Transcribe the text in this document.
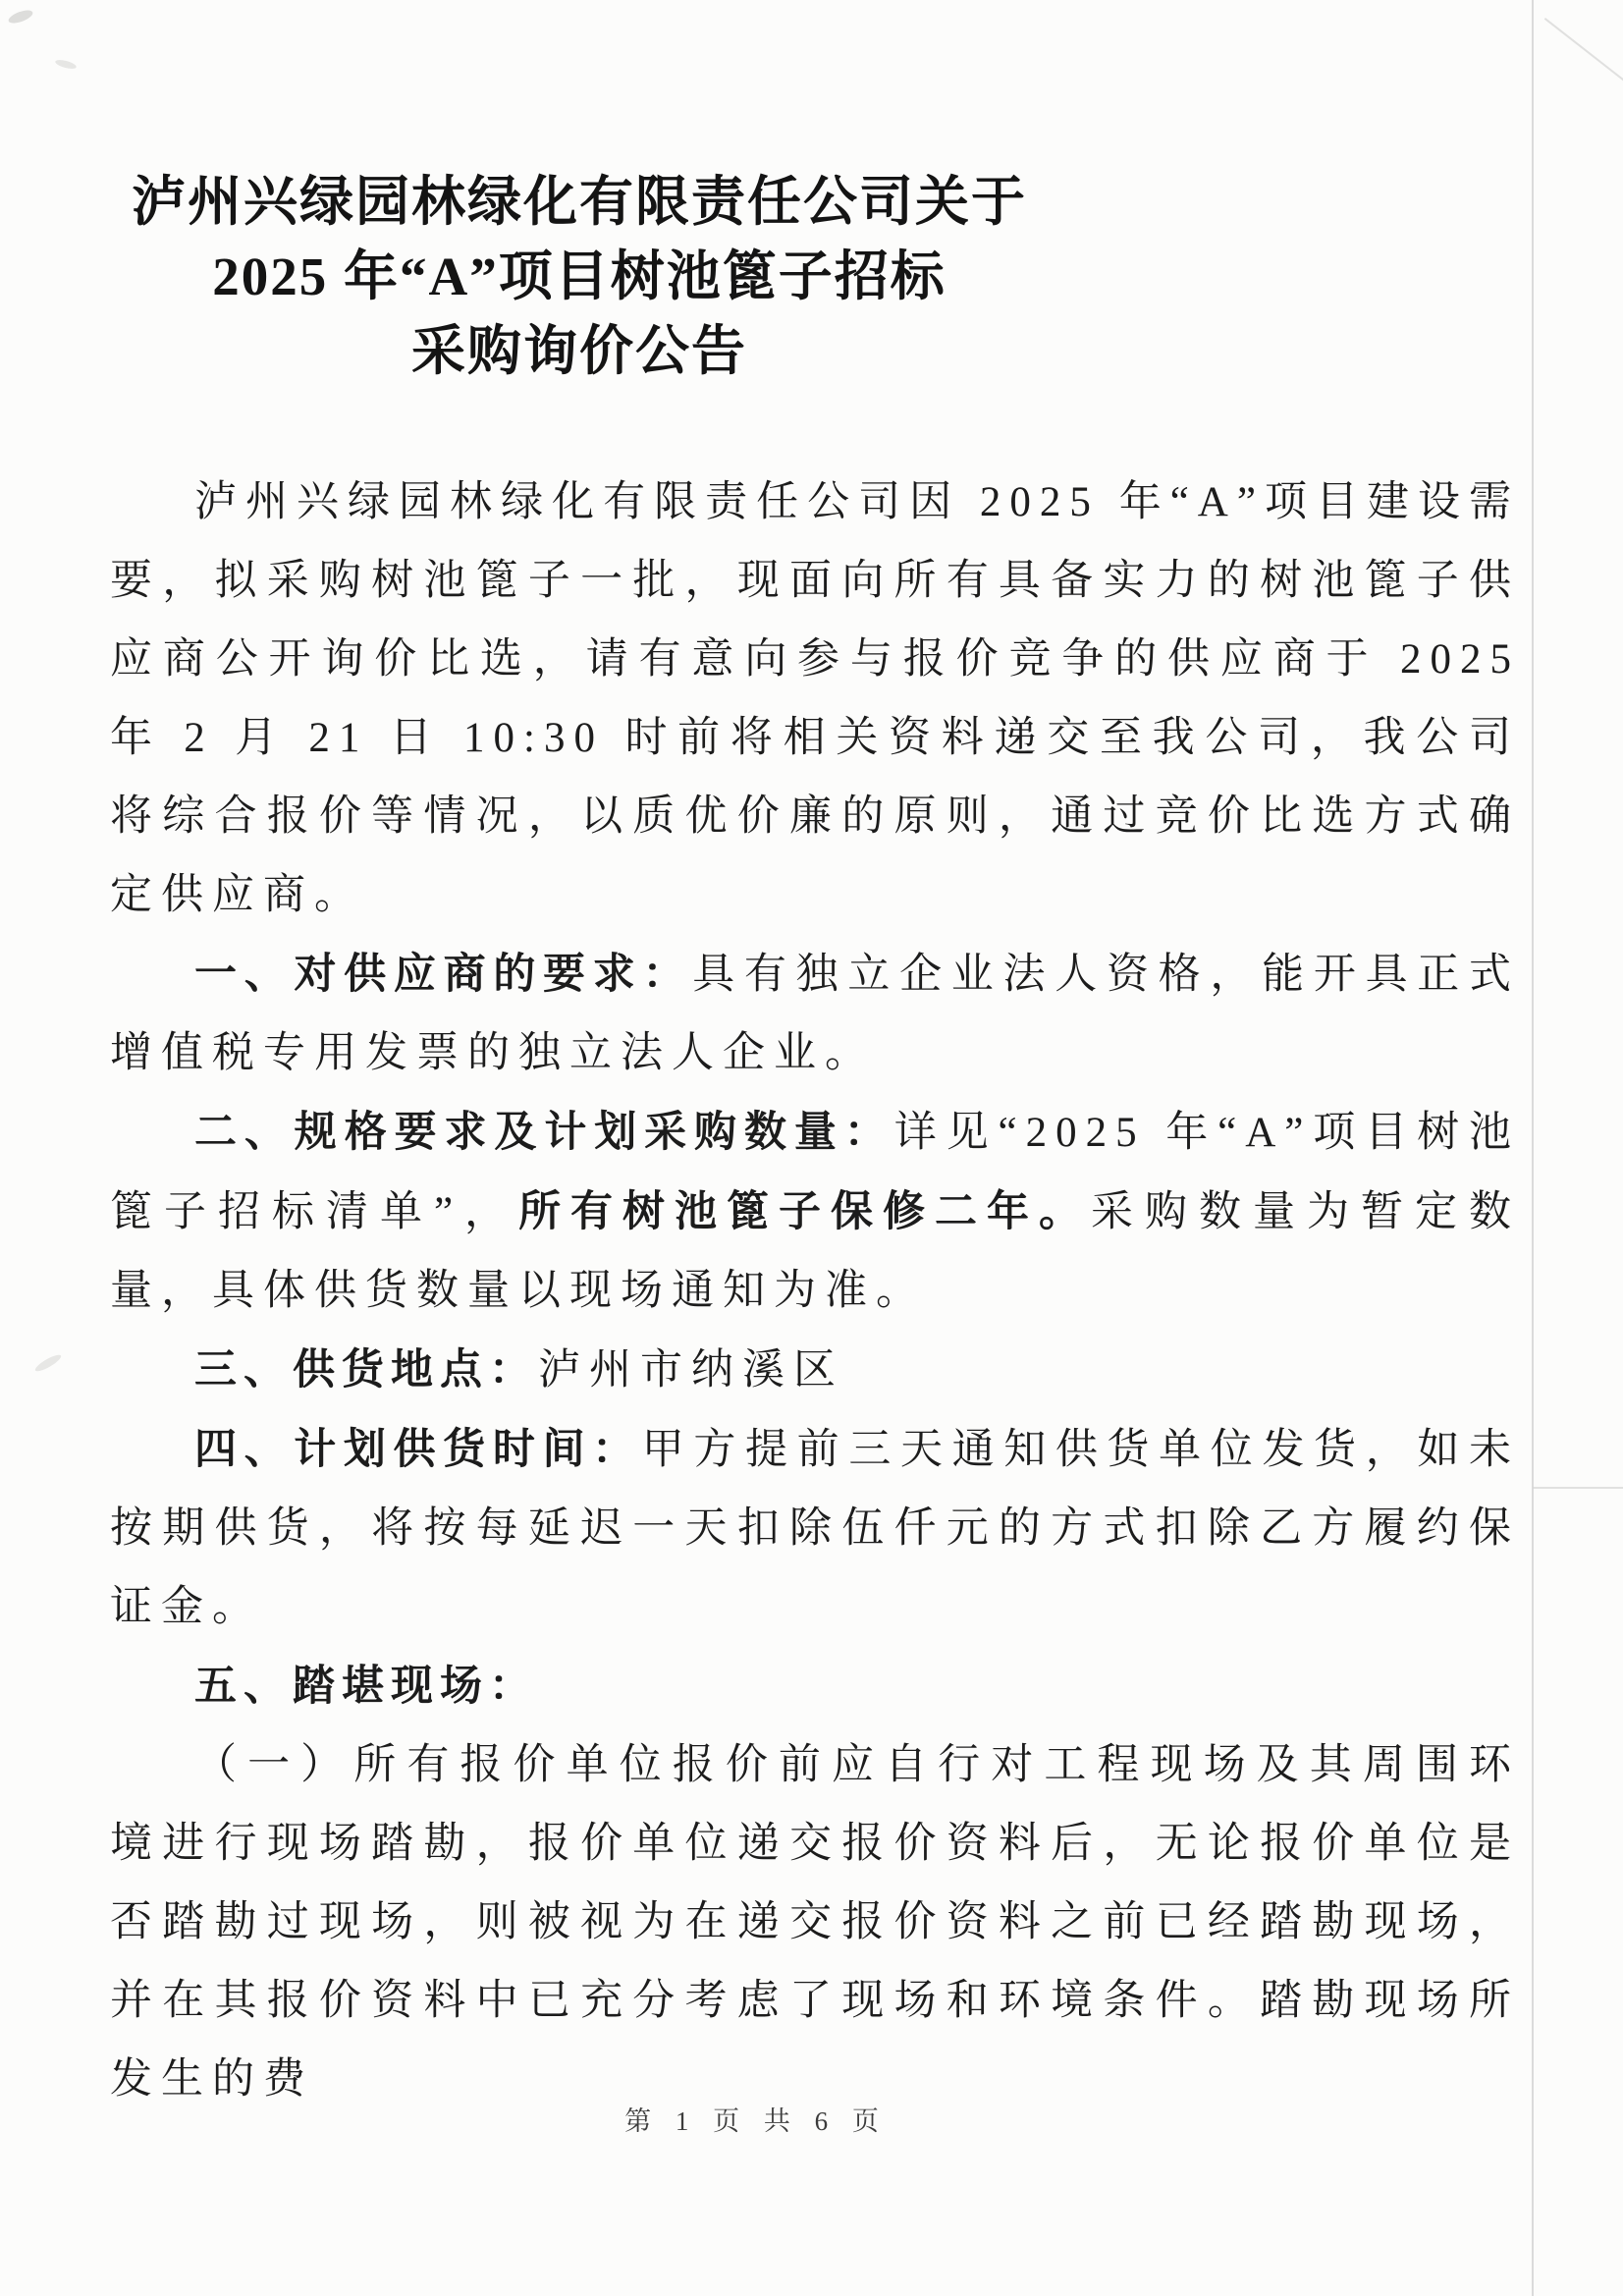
泸州兴绿园林绿化有限责任公司关于
2025 年“A”项目树池篦子招标
采购询价公告

泸州兴绿园林绿化有限责任公司因 2025 年“A”项目建设需要，拟采购树池篦子一批，现面向所有具备实力的树池篦子供应商公开询价比选，请有意向参与报价竞争的供应商于 2025 年 2 月 21 日 10:30 时前将相关资料递交至我公司，我公司将综合报价等情况，以质优价廉的原则，通过竞价比选方式确定供应商。

一、对供应商的要求：具有独立企业法人资格，能开具正式增值税专用发票的独立法人企业。

二、规格要求及计划采购数量：详见“2025 年“A”项目树池篦子招标清单”，所有树池篦子保修二年。采购数量为暂定数量，具体供货数量以现场通知为准。

三、供货地点：泸州市纳溪区

四、计划供货时间：甲方提前三天通知供货单位发货，如未按期供货，将按每延迟一天扣除伍仟元的方式扣除乙方履约保证金。

五、踏堪现场：

（一）所有报价单位报价前应自行对工程现场及其周围环境进行现场踏勘，报价单位递交报价资料后，无论报价单位是否踏勘过现场，则被视为在递交报价资料之前已经踏勘现场，并在其报价资料中已充分考虑了现场和环境条件。踏勘现场所发生的费

第 1 页 共 6 页
